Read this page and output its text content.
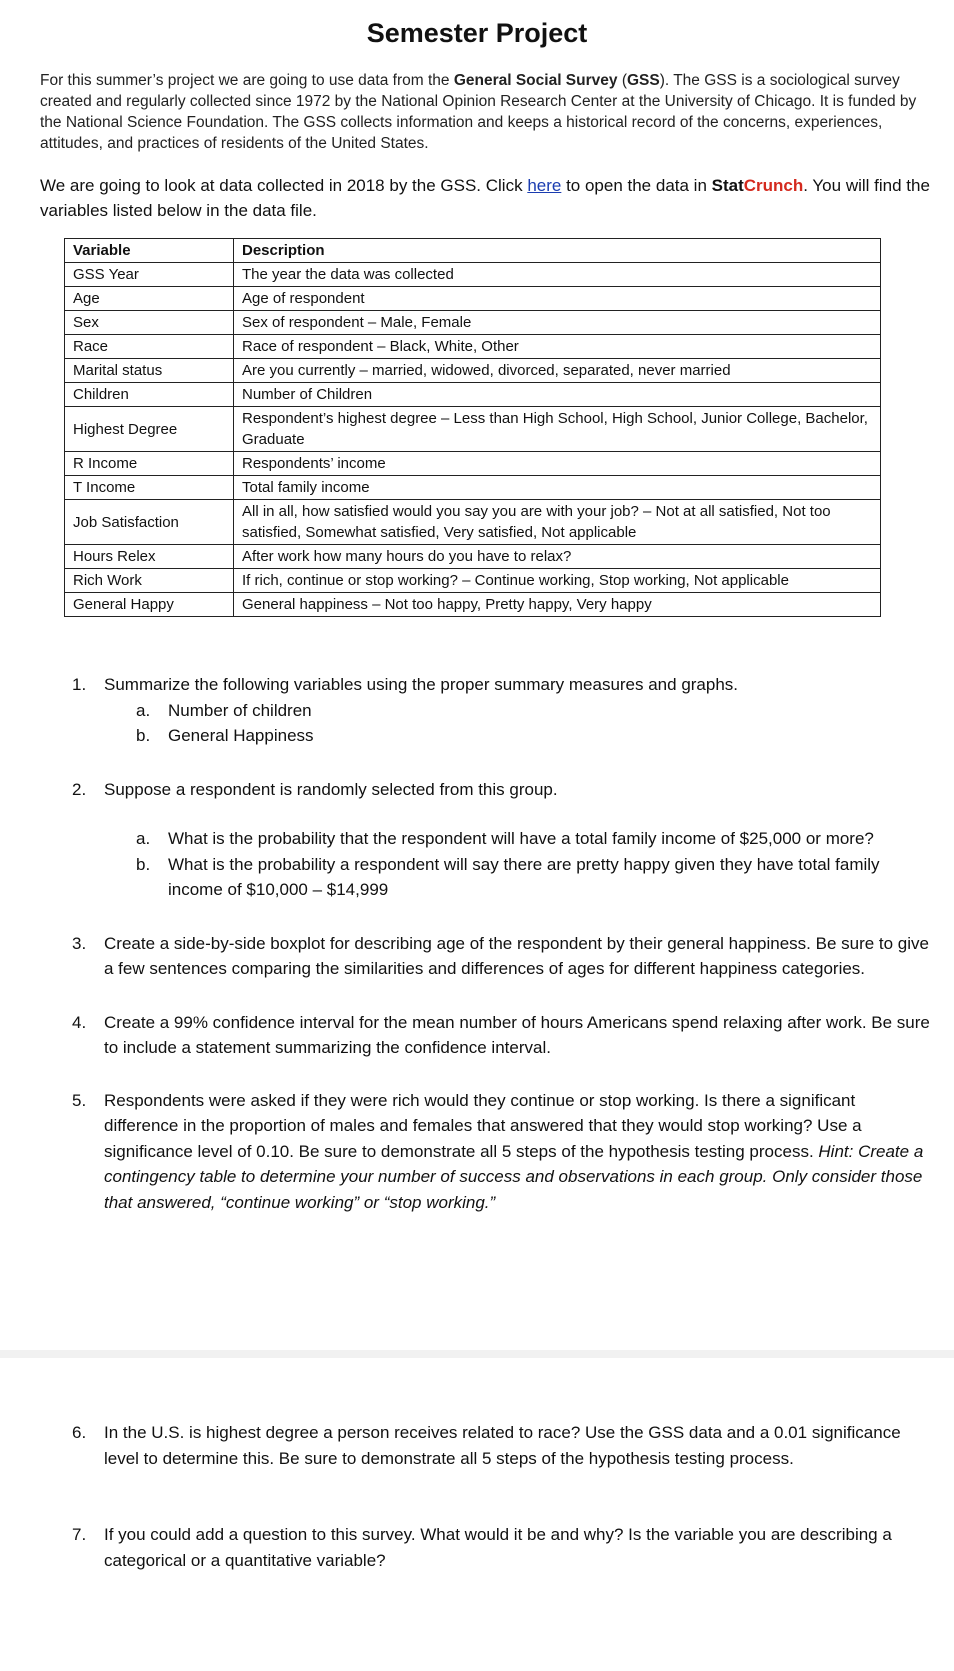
Semester Project

For this summer’s project we are going to use data from the General Social Survey (GSS). The GSS is a sociological survey created and regularly collected since 1972 by the National Opinion Research Center at the University of Chicago. It is funded by the National Science Foundation. The GSS collects information and keeps a historical record of the concerns, experiences, attitudes, and practices of residents of the United States.

We are going to look at data collected in 2018 by the GSS. Click here to open the data in StatCrunch. You will find the variables listed below in the data file.

Variable	Description
GSS Year	The year the data was collected
Age	Age of respondent
Sex	Sex of respondent – Male, Female
Race	Race of respondent – Black, White, Other
Marital status	Are you currently – married, widowed, divorced, separated, never married
Children	Number of Children
Highest Degree	Respondent’s highest degree – Less than High School, High School, Junior College, Bachelor, Graduate
R Income	Respondents’ income
T Income	Total family income
Job Satisfaction	All in all, how satisfied would you say you are with your job? – Not at all satisfied, Not too satisfied, Somewhat satisfied, Very satisfied, Not applicable
Hours Relex	After work how many hours do you have to relax?
Rich Work	If rich, continue or stop working? – Continue working, Stop working, Not applicable
General Happy	General happiness – Not too happy, Pretty happy, Very happy
1. Summarize the following variables using the proper summary measures and graphs.
a. Number of children
b. General Happiness
2. Suppose a respondent is randomly selected from this group.
a. What is the probability that the respondent will have a total family income of $25,000 or more?
b. What is the probability a respondent will say there are pretty happy given they have total family income of $10,000 – $14,999
3. Create a side-by-side boxplot for describing age of the respondent by their general happiness. Be sure to give a few sentences comparing the similarities and differences of ages for different happiness categories.
4. Create a 99% confidence interval for the mean number of hours Americans spend relaxing after work. Be sure to include a statement summarizing the confidence interval.
5. Respondents were asked if they were rich would they continue or stop working. Is there a significant difference in the proportion of males and females that answered that they would stop working? Use a significance level of 0.10. Be sure to demonstrate all 5 steps of the hypothesis testing process. Hint: Create a contingency table to determine your number of success and observations in each group. Only consider those that answered, “continue working” or “stop working.”
6. In the U.S. is highest degree a person receives related to race? Use the GSS data and a 0.01 significance level to determine this. Be sure to demonstrate all 5 steps of the hypothesis testing process.
7. If you could add a question to this survey. What would it be and why? Is the variable you are describing a categorical or a quantitative variable?
